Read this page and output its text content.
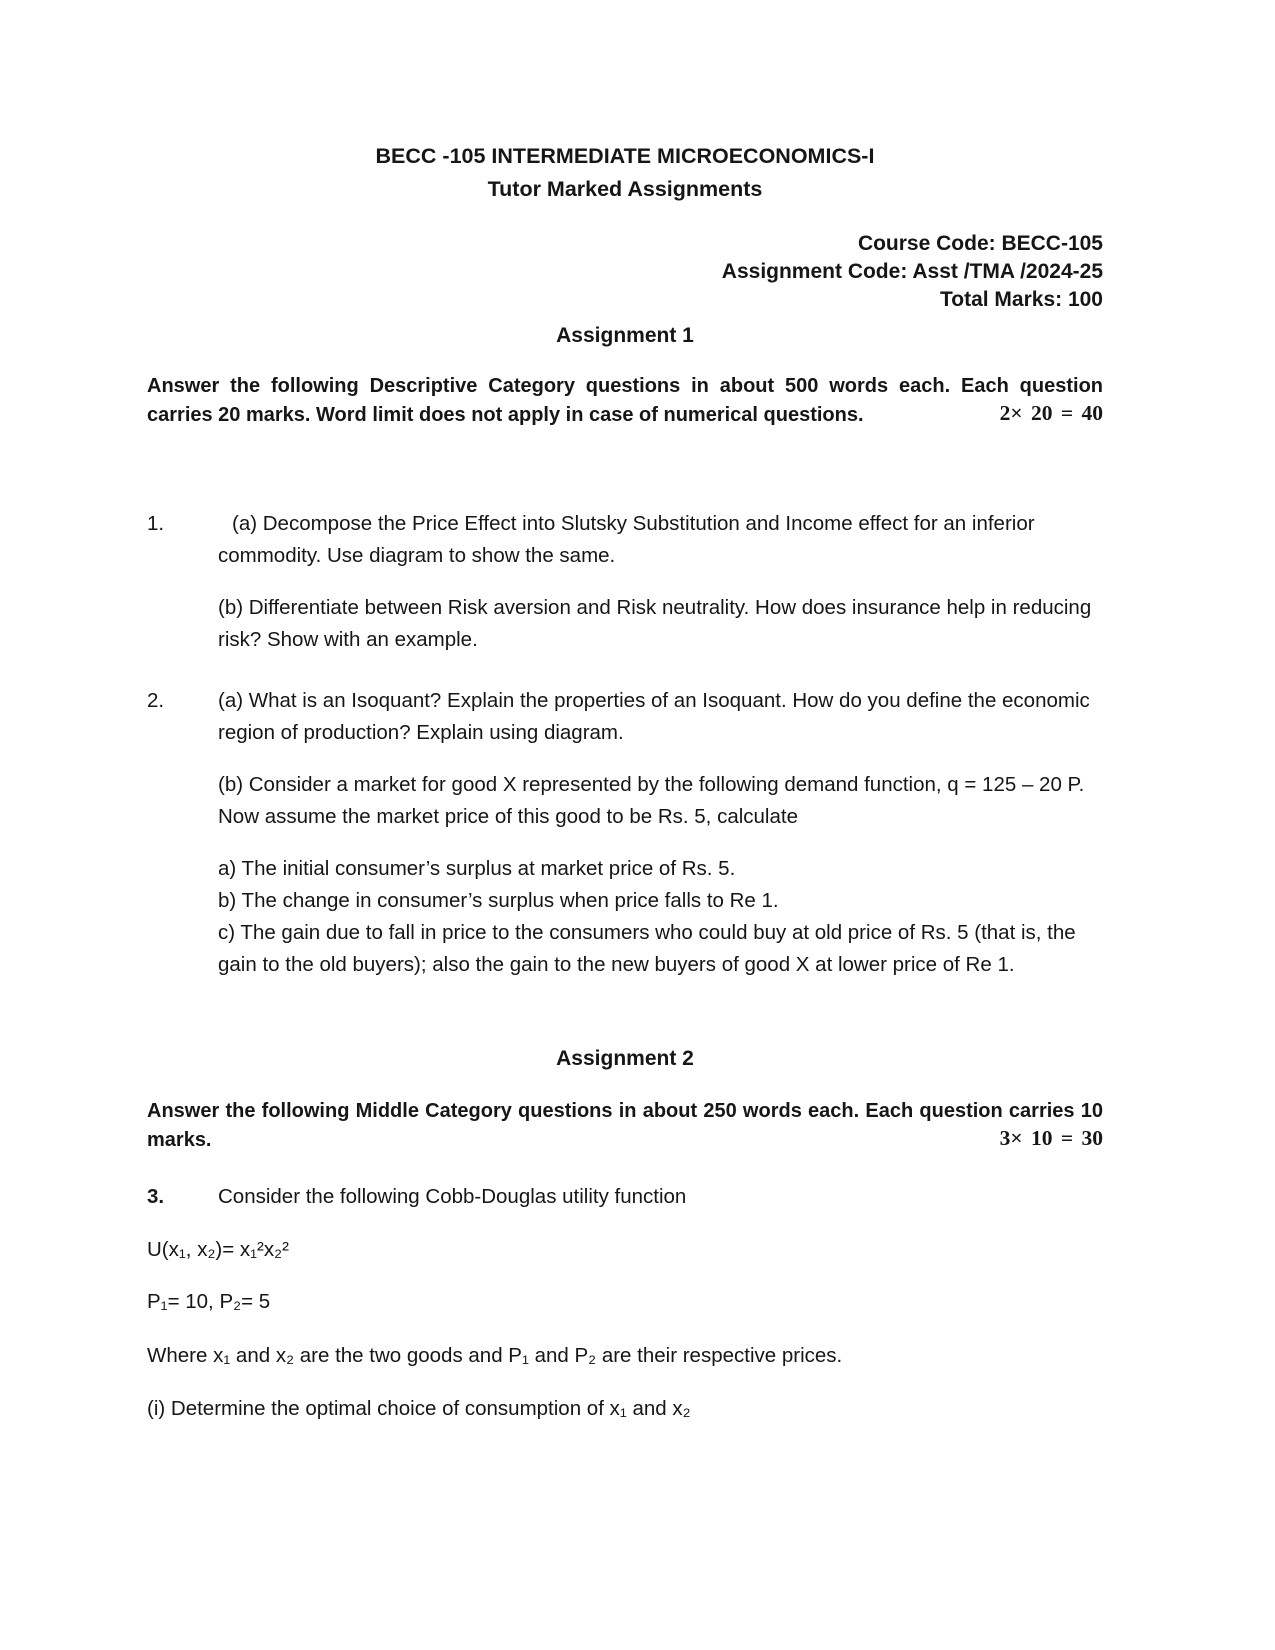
BECC -105 INTERMEDIATE MICROECONOMICS-I

Tutor Marked Assignments

Course Code: BECC-105

Assignment Code: Asst /TMA /2024-25

Total Marks: 100

Assignment 1

Answer the following Descriptive Category questions in about 500 words each. Each question carries 20 marks. Word limit does not apply in case of numerical questions.	2× 20 = 40
1.	(a) Decompose the Price Effect into Slutsky Substitution and Income effect for an inferior commodity. Use diagram to show the same.

(b) Differentiate between Risk aversion and Risk neutrality. How does insurance help in reducing risk? Show with an example.

2.	(a) What is an Isoquant? Explain the properties of an Isoquant. How do you define the economic region of production? Explain using diagram.

(b) Consider a market for good X represented by the following demand function, q = 125 – 20 P. Now assume the market price of this good to be Rs. 5, calculate

a) The initial consumer’s surplus at market price of Rs. 5.

b) The change in consumer’s surplus when price falls to Re 1.

c) The gain due to fall in price to the consumers who could buy at old price of Rs. 5 (that is, the gain to the old buyers); also the gain to the new buyers of good X at lower price of Re 1.

Assignment 2

Answer the following Middle Category questions in about 250 words each. Each question carries 10 marks.	3× 10 = 30
3.	Consider the following Cobb-Douglas utility function

U(x₁, x₂)= x₁²x₂²

P₁= 10, P₂= 5

Where x₁ and x₂ are the two goods and P₁ and P₂ are their respective prices.

(i) Determine the optimal choice of consumption of x₁ and x₂
